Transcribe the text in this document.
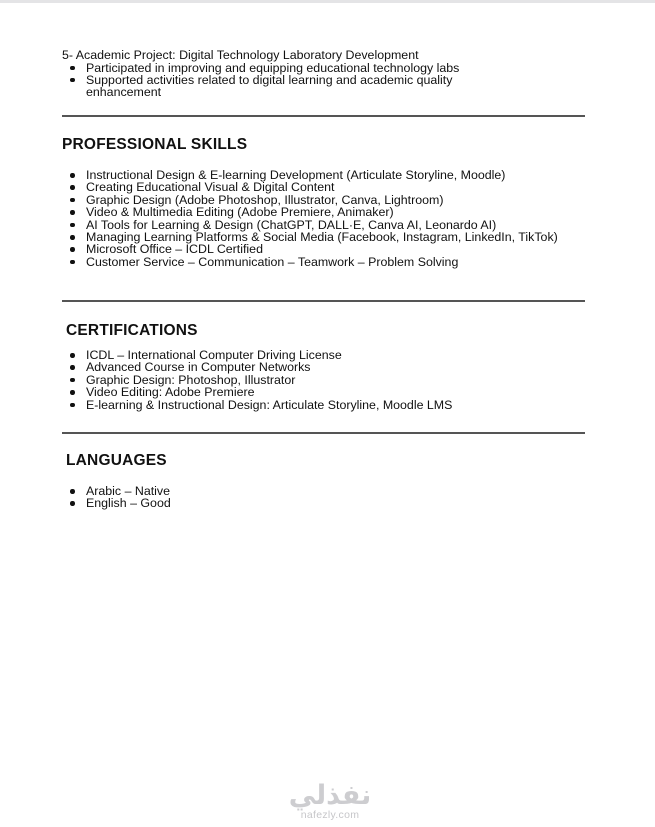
5- Academic Project: Digital Technology Laboratory Development
Participated in improving and equipping educational technology labs
Supported activities related to digital learning and academic quality enhancement
PROFESSIONAL SKILLS
Instructional Design & E-learning Development (Articulate Storyline, Moodle)
Creating Educational Visual & Digital Content
Graphic Design (Adobe Photoshop, Illustrator, Canva, Lightroom)
Video & Multimedia Editing (Adobe Premiere, Animaker)
AI Tools for Learning & Design (ChatGPT, DALL·E, Canva AI, Leonardo AI)
Managing Learning Platforms & Social Media (Facebook, Instagram, LinkedIn, TikTok)
Microsoft Office – ICDL Certified
Customer Service – Communication – Teamwork – Problem Solving
CERTIFICATIONS
ICDL – International Computer Driving License
Advanced Course in Computer Networks
Graphic Design: Photoshop, Illustrator
Video Editing: Adobe Premiere
E-learning & Instructional Design: Articulate Storyline, Moodle LMS
LANGUAGES
Arabic – Native
English – Good
نفذلي
nafezly.com
